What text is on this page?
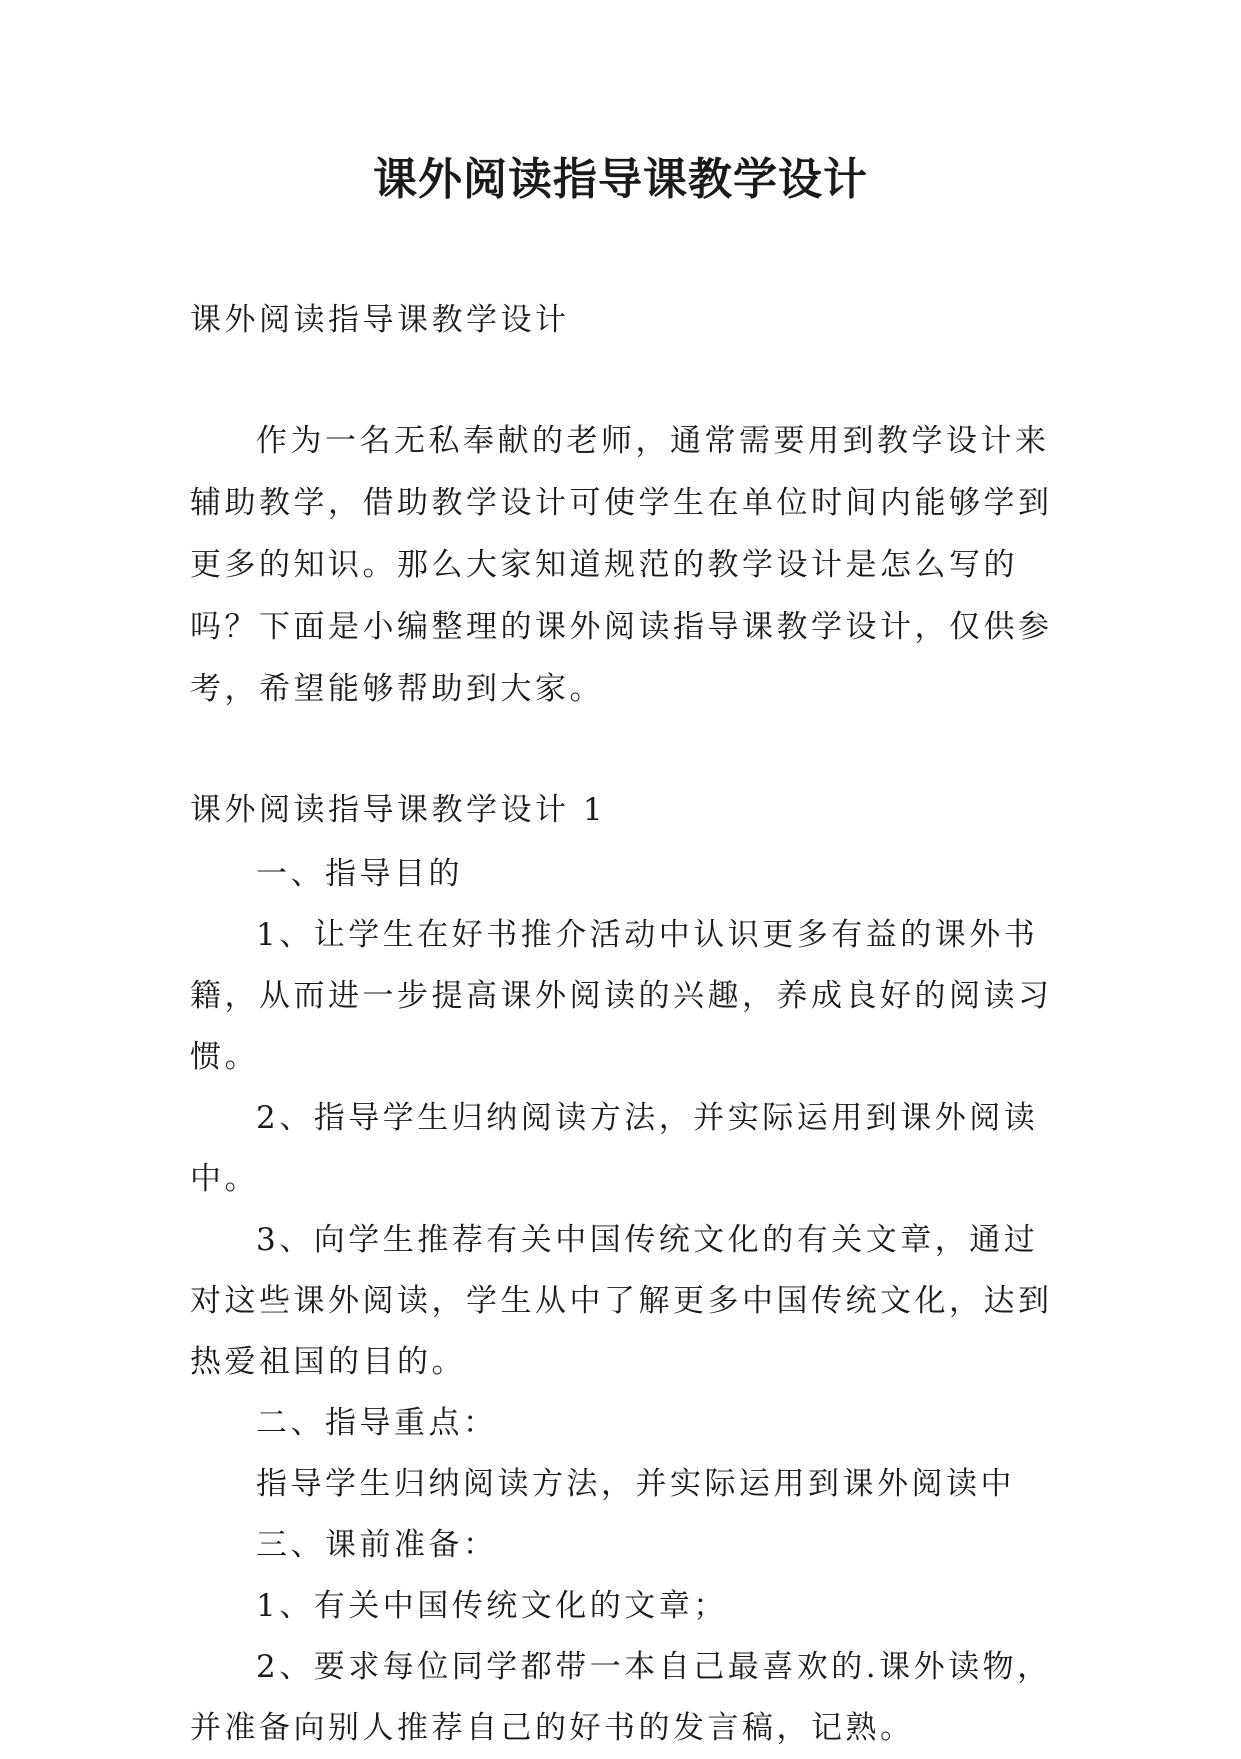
课外阅读指导课教学设计

课外阅读指导课教学设计

作为一名无私奉献的老师，通常需要用到教学设计来辅助教学，借助教学设计可使学生在单位时间内能够学到更多的知识。那么大家知道规范的教学设计是怎么写的吗？下面是小编整理的课外阅读指导课教学设计，仅供参考，希望能够帮助到大家。

课外阅读指导课教学设计 1

一、指导目的

1、让学生在好书推介活动中认识更多有益的课外书籍，从而进一步提高课外阅读的兴趣，养成良好的阅读习惯。

2、指导学生归纳阅读方法，并实际运用到课外阅读中。

3、向学生推荐有关中国传统文化的有关文章，通过对这些课外阅读，学生从中了解更多中国传统文化，达到热爱祖国的目的。

二、指导重点：

指导学生归纳阅读方法，并实际运用到课外阅读中

三、课前准备：

1、有关中国传统文化的文章；

2、要求每位同学都带一本自己最喜欢的.课外读物，并准备向别人推荐自己的好书的发言稿，记熟。
